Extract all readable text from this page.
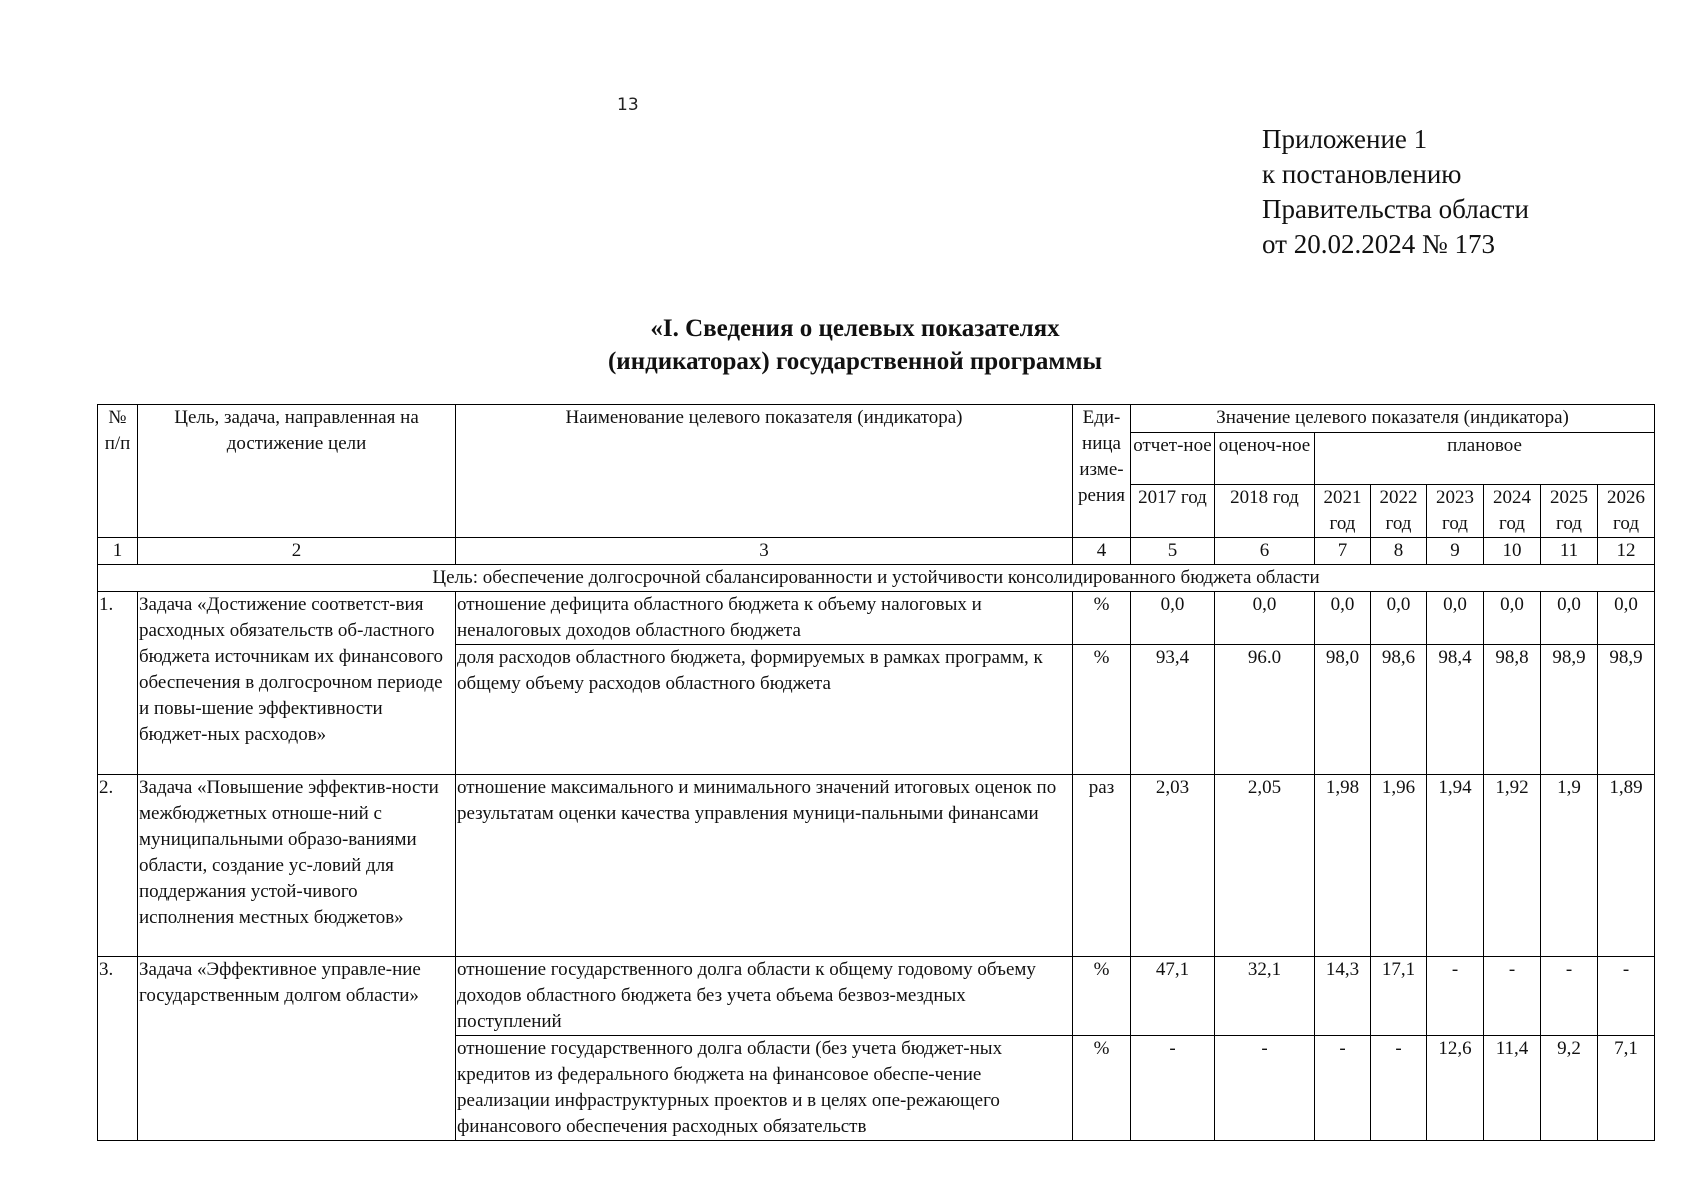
13
Приложение 1
к постановлению
Правительства области
от 20.02.2024 № 173
«I. Сведения о целевых показателях
(индикаторах) государственной программы
№ п/п	Цель, задача, направленная на достижение цели	Наименование целевого показателя (индикатора)	Еди-ница изме-рения	Значение целевого показателя (индикатора)							
				отчет-ное	оценоч-ное	плановое					
				2017 год	2018 год	2021 год	2022 год	2023 год	2024 год	2025 год	2026 год

1	2	3	4	5	6	7	8	9	10	11	12
Цель: обеспечение долгосрочной сбалансированности и устойчивости консолидированного бюджета области											
1.	Задача «Достижение соответст-вия расходных обязательств об-ластного бюджета источникам их финансового обеспечения в долгосрочном периоде и повы-шение эффективности бюджет-ных расходов»	отношение дефицита областного бюджета к объему налоговых и неналоговых доходов областного бюджета	%	0,0	0,0	0,0	0,0	0,0	0,0	0,0	0,0
		доля расходов областного бюджета, формируемых в рамках программ, к общему объему расходов областного бюджета	%	93,4	96.0	98,0	98,6	98,4	98,8	98,9	98,9
2.	Задача «Повышение эффектив-ности межбюджетных отноше-ний с муниципальными образо-ваниями области, создание ус-ловий для поддержания устой-чивого исполнения местных бюджетов»	отношение максимального и минимального значений итоговых оценок по результатам оценки качества управления муници-пальными финансами	раз	2,03	2,05	1,98	1,96	1,94	1,92	1,9	1,89
3.	Задача «Эффективное управле-ние государственным долгом области»	отношение государственного долга области к общему годовому объему доходов областного бюджета без учета объема безвоз-мездных поступлений	%	47,1	32,1	14,3	17,1	-	-	-	-
		отношение государственного долга области (без учета бюджет-ных кредитов из федерального бюджета на финансовое обеспе-чение реализации инфраструктурных проектов и в целях опе-режающего финансового обеспечения расходных обязательств	%	-	-	-	-	12,6	11,4	9,2	7,1
